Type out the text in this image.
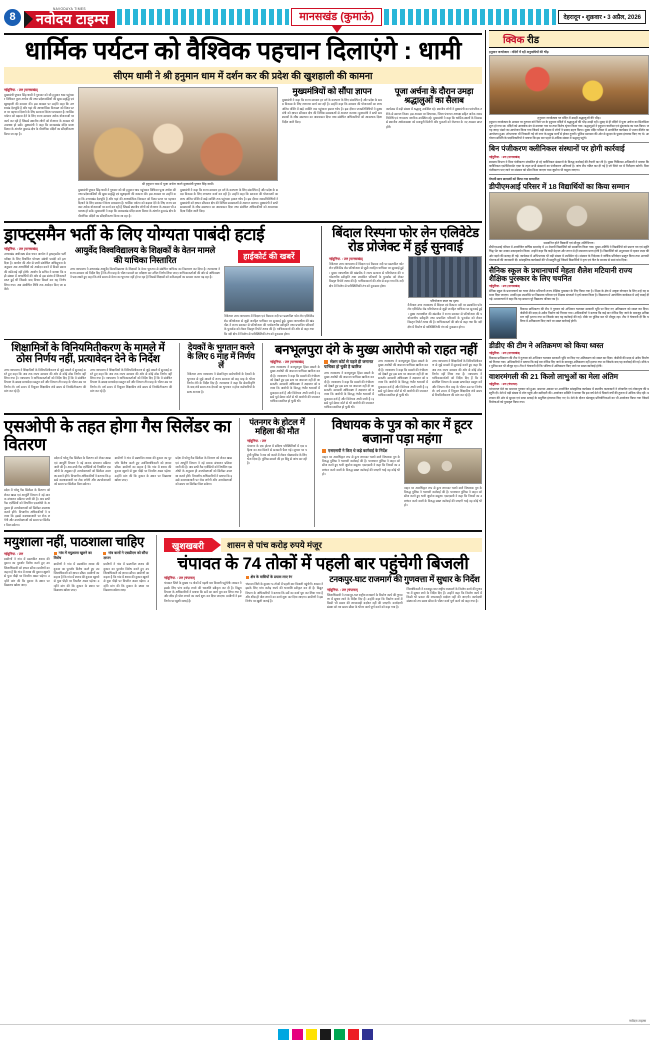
8
NAVODAYA TIMES
नवोदय टाइम्स	मानसखंड (कुमाऊं)	देहरादून • शुक्रवार • 3 अप्रैल, 2026
धार्मिक पर्यटन को वैश्विक पहचान दिलाएंगे : धामी
सीएम धामी ने श्री हनुमान धाम में दर्शन कर की प्रदेश की खुशहाली की कामना
नईदुनिया. : उत्त (मानसखंड)
मुख्यमंत्री पुष्कर सिंह धामी ने गुरुवार को श्री हनुमान धाम पहुंचकर विधिवत पूजा अर्चना की तथा प्रदेशवासियों की सुख समृद्धि एवं खुशहाली की कामना की। इस अवसर पर उन्होंने कहा कि उत्तराखंड देवभूमि है और यहां की आध्यात्मिक विरासत को विश्व पटल पर पहचान दिलाने के लिए सरकार निरंतर प्रयासरत है। धार्मिक पर्यटन को बढ़ावा देने के लिए राज्य सरकार अनेक योजनाओं पर कार्य कर रही है जिससे स्थानीय लोगों को रोजगार के अवसर भी उपलब्ध हो सकें। मुख्यमंत्री ने कहा कि मानसखंड मंदिर माला मिशन के अंतर्गत कुमाऊं क्षेत्र के पौराणिक मंदिरों का सौंदर्यीकरण किया जा रहा है।
श्री हनुमान धाम में पूजा अर्चना करते मुख्यमंत्री पुष्कर सिंह धामी।
मुख्यमंत्री पुष्कर सिंह धामी ने गुरुवार को श्री हनुमान धाम पहुंचकर विधिवत पूजा अर्चना की तथा प्रदेशवासियों की सुख समृद्धि एवं खुशहाली की कामना की। इस अवसर पर उन्होंने कहा कि उत्तराखंड देवभूमि है और यहां की आध्यात्मिक विरासत को विश्व पटल पर पहचान दिलाने के लिए सरकार निरंतर प्रयासरत है। धार्मिक पर्यटन को बढ़ावा देने के लिए राज्य सरकार अनेक योजनाओं पर कार्य कर रही है जिससे स्थानीय लोगों को रोजगार के अवसर भी उपलब्ध हो सकें। मुख्यमंत्री ने कहा कि मानसखंड मंदिर माला मिशन के अंतर्गत कुमाऊं क्षेत्र के पौराणिक मंदिरों का सौंदर्यीकरण किया जा रहा है।
मुख्यमंत्री ने कहा कि राज्य सरकार हर वर्ग के कल्याण के लिए संकल्पित है और प्रदेश के समग्र विकास के लिए लगातार कार्य कर रही है। उन्होंने कहा कि सरकार की योजनाओं का लाभ अंतिम पंक्ति में खड़े व्यक्ति तक पहुंचाना हमारा ध्येय है। इस दौरान जनप्रतिनिधियों ने मुख्यमंत्री को ज्ञापन सौंपकर क्षेत्र की विभिन्न समस्याओं से अवगत कराया। मुख्यमंत्री ने सभी समस्याओं के शीघ्र समाधान का आश्वासन दिया तथा संबंधित अधिकारियों को आवश्यक दिशा निर्देश जारी किए।
मुख्यमंत्रियों को सौंपा ज्ञापन
मुख्यमंत्री ने कहा कि राज्य सरकार हर वर्ग के कल्याण के लिए संकल्पित है और प्रदेश के समग्र विकास के लिए लगातार कार्य कर रही है। उन्होंने कहा कि सरकार की योजनाओं का लाभ अंतिम पंक्ति में खड़े व्यक्ति तक पहुंचाना हमारा ध्येय है। इस दौरान जनप्रतिनिधियों ने मुख्यमंत्री को ज्ञापन सौंपकर क्षेत्र की विभिन्न समस्याओं से अवगत कराया। मुख्यमंत्री ने सभी समस्याओं के शीघ्र समाधान का आश्वासन दिया तथा संबंधित अधिकारियों को आवश्यक दिशा निर्देश जारी किए।
पूजा अर्चना के दौरान उमड़ा श्रद्धालुओं का सैलाब
कार्यक्रम में बड़ी संख्या में श्रद्धालु उपस्थित रहे। स्थानीय लोगों ने मुख्यमंत्री का पारंपरिक तरीके से स्वागत किया। इस अवसर पर विधायक, जिला पंचायत अध्यक्ष सहित अनेक जनप्रतिनिधि एवं गणमान्य नागरिक उपस्थित रहे। मुख्यमंत्री ने कहा कि धार्मिक स्थलों के विकास से स्थानीय अर्थव्यवस्था को मजबूती मिलेगी और युवाओं को रोजगार के नए अवसर प्राप्त होंगे।
ड्राफ्ट्समैन भर्ती के लिए योग्यता पाबंदी हटाई
नईदुनिया. : उत्त (मानसखंड)
उत्तराखंड अधीनस्थ सेवा चयन आयोग ने ड्राफ्ट्समैन भर्ती परीक्षा के लिए निर्धारित योग्यता संबंधी पाबंदी को हटा दिया है। आयोग की ओर से जारी संशोधित अधिसूचना के अनुसार अब अभ्यर्थियों को आवेदन करने में किसी प्रकार की कठिनाई नहीं होगी। आयोग के सचिव ने बताया कि बड़ी संख्या में अभ्यर्थियों की ओर से इस संबंध में शिकायतें प्राप्त हुई थीं जिसके बाद विचार विमर्श कर यह निर्णय लिया गया। अब संशोधित तिथि तक आवेदन किए जा सकेंगे।
आयुर्वेद विश्वविद्यालय के शिक्षकों के वेतन मामले की याचिका निस्तारित
उच्च न्यायालय ने उत्तराखंड आयुर्वेद विश्वविद्यालय के शिक्षकों के वेतन भुगतान से संबंधित याचिका का निस्तारण कर दिया है। न्यायालय ने राज्य सरकार को निर्देश दिए हैं कि तीन माह के भीतर मामले का परीक्षण कर उचित निर्णय लिया जाए। याचिकाकर्ताओं की ओर से अधिवक्ता ने पक्ष रखते हुए कहा कि लंबे समय से वेतन का भुगतान नहीं हो पा रहा है जिससे शिक्षकों को कठिनाइयों का सामना करना पड़ रहा है।
हाईकोर्ट की खबरें
नैनीताल उच्च न्यायालय में बिंदाल एवं रिस्पना नदी पर प्रस्तावित फोर लेन एलिवेटेड रोड परियोजना से जुड़ी जनहित याचिका पर सुनवाई हुई। मुख्य न्यायाधीश की खंडपीठ ने राज्य सरकार से परियोजना की पर्यावरणीय स्वीकृति तथा प्रभावित परिवारों के पुनर्वास को लेकर विस्तृत रिपोर्ट तलब की है। याचिकाकर्ता की ओर से कहा गया कि नदी क्षेत्र में निर्माण से पारिस्थितिकी तंत्र को नुकसान होगा।
बिंदाल रिस्पना फोर लेन एलिवेटेड रोड प्रोजेक्ट में हुई सुनवाई
नईदुनिया. : उत्त (मानसखंड)
नैनीताल उच्च न्यायालय में बिंदाल एवं रिस्पना नदी पर प्रस्तावित फोर लेन एलिवेटेड रोड परियोजना से जुड़ी जनहित याचिका पर सुनवाई हुई। मुख्य न्यायाधीश की खंडपीठ ने राज्य सरकार से परियोजना की पर्यावरणीय स्वीकृति तथा प्रभावित परिवारों के पुनर्वास को लेकर विस्तृत रिपोर्ट तलब की है। याचिकाकर्ता की ओर से कहा गया कि नदी क्षेत्र में निर्माण से पारिस्थितिकी तंत्र को नुकसान होगा।
परियोजना स्थल का दृश्य।
नैनीताल उच्च न्यायालय में बिंदाल एवं रिस्पना नदी पर प्रस्तावित फोर लेन एलिवेटेड रोड परियोजना से जुड़ी जनहित याचिका पर सुनवाई हुई। मुख्य न्यायाधीश की खंडपीठ ने राज्य सरकार से परियोजना की पर्यावरणीय स्वीकृति तथा प्रभावित परिवारों के पुनर्वास को लेकर विस्तृत रिपोर्ट तलब की है। याचिकाकर्ता की ओर से कहा गया कि नदी क्षेत्र में निर्माण से पारिस्थितिकी तंत्र को नुकसान होगा।
शिक्षामित्रों के विनियमितीकरण के मामले में ठोस निर्णय नहीं, प्रत्यावेदन देने के निर्देश
उच्च न्यायालय ने शिक्षामित्रों के विनियमितीकरण से जुड़े मामले में सुनवाई करते हुए कहा कि अब तक राज्य सरकार की ओर से कोई ठोस निर्णय नहीं लिया गया है। न्यायालय ने याचिकाकर्ताओं को निर्देश दिए हैं कि वे संबंधित विभाग के समक्ष प्रत्यावेदन प्रस्तुत करें और विभाग तीन माह के भीतर उस पर निर्णय ले। वर्ष 2005 में नियुक्त शिक्षामित्र लंबे समय से नियमितीकरण की मांग कर रहे हैं।
उच्च न्यायालय ने शिक्षामित्रों के विनियमितीकरण से जुड़े मामले में सुनवाई करते हुए कहा कि अब तक राज्य सरकार की ओर से कोई ठोस निर्णय नहीं लिया गया है। न्यायालय ने याचिकाकर्ताओं को निर्देश दिए हैं कि वे संबंधित विभाग के समक्ष प्रत्यावेदन प्रस्तुत करें और विभाग तीन माह के भीतर उस पर निर्णय ले। वर्ष 2005 में नियुक्त शिक्षामित्र लंबे समय से नियमितीकरण की मांग कर रहे हैं।
देयकों के भुगतान करने के लिए 6 माह में निर्णय लें
नैनीताल उच्च न्यायालय ने सेवानिवृत्त कर्मचारियों के देयकों के भुगतान से जुड़े मामले में राज्य सरकार को छह माह के भीतर निर्णय लेने के निर्देश दिए हैं। न्यायालय ने कहा कि सेवानिवृत्ति के बाद लंबे समय तक देयकों का भुगतान न होना कर्मचारियों के साथ अन्याय है।
बनभूलपुरा दंगे के मुख्य आरोपी को राहत नहीं
नईदुनिया. : उत्त (मानसखंड)
उच्च न्यायालय ने बनभूलपुरा हिंसा मामले के मुख्य आरोपी की जमानत याचिका खारिज कर दी है। न्यायालय ने कहा कि मामले की गंभीरता को देखते हुए इस स्तर पर जमानत नहीं दी जा सकती। सरकारी अधिवक्ता ने अदालत को बताया कि आरोपी के विरुद्ध गंभीर धाराओं में मुकदमा दर्ज है और विवेचना अभी जारी है। इससे पूर्व सेशन कोर्ट से भी आरोपी की जमानत याचिका खारिज हो चुकी थी।
सेशन कोर्ट से पहले ही जमानत याचिका हो चुकी है खारिज
उच्च न्यायालय ने बनभूलपुरा हिंसा मामले के मुख्य आरोपी की जमानत याचिका खारिज कर दी है। न्यायालय ने कहा कि मामले की गंभीरता को देखते हुए इस स्तर पर जमानत नहीं दी जा सकती। सरकारी अधिवक्ता ने अदालत को बताया कि आरोपी के विरुद्ध गंभीर धाराओं में मुकदमा दर्ज है और विवेचना अभी जारी है। इससे पूर्व सेशन कोर्ट से भी आरोपी की जमानत याचिका खारिज हो चुकी थी।
उच्च न्यायालय ने बनभूलपुरा हिंसा मामले के मुख्य आरोपी की जमानत याचिका खारिज कर दी है। न्यायालय ने कहा कि मामले की गंभीरता को देखते हुए इस स्तर पर जमानत नहीं दी जा सकती। सरकारी अधिवक्ता ने अदालत को बताया कि आरोपी के विरुद्ध गंभीर धाराओं में मुकदमा दर्ज है और विवेचना अभी जारी है। इससे पूर्व सेशन कोर्ट से भी आरोपी की जमानत याचिका खारिज हो चुकी थी।
उच्च न्यायालय ने शिक्षामित्रों के विनियमितीकरण से जुड़े मामले में सुनवाई करते हुए कहा कि अब तक राज्य सरकार की ओर से कोई ठोस निर्णय नहीं लिया गया है। न्यायालय ने याचिकाकर्ताओं को निर्देश दिए हैं कि वे संबंधित विभाग के समक्ष प्रत्यावेदन प्रस्तुत करें और विभाग तीन माह के भीतर उस पर निर्णय ले। वर्ष 2005 में नियुक्त शिक्षामित्र लंबे समय से नियमितीकरण की मांग कर रहे हैं।
एसओपी के तहत होगा गैस सिलेंडर का वितरण
प्रदेश में घरेलू गैस सिलेंडर के वितरण को लेकर खाद्य एवं आपूर्ति विभाग ने नई मानक संचालन प्रक्रिया जारी की है। अब सभी गैस एजेंसियों को निर्धारित एसओपी के अनुसार ही उपभोक्ताओं को सिलेंडर उपलब्ध कराने होंगे। विभागीय अधिकारियों ने बताया कि इससे कालाबाजारी पर रोक लगेगी और उपभोक्ताओं को समय पर सिलेंडर मिल सकेगा।
प्रदेश में घरेलू गैस सिलेंडर के वितरण को लेकर खाद्य एवं आपूर्ति विभाग ने नई मानक संचालन प्रक्रिया जारी की है। अब सभी गैस एजेंसियों को निर्धारित एसओपी के अनुसार ही उपभोक्ताओं को सिलेंडर उपलब्ध कराने होंगे। विभागीय अधिकारियों ने बताया कि इससे कालाबाजारी पर रोक लगेगी और उपभोक्ताओं को समय पर सिलेंडर मिल सकेगा।
ग्रामीणों ने गांव में प्रस्तावित शराब की दुकान का पुरजोर विरोध करते हुए उपजिलाधिकारी को ज्ञापन सौंपा। ग्रामीणों का कहना है कि गांव में शराब की दुकान खुलने से युवा पीढ़ी पर विपरीत असर पड़ेगा। उन्होंने मांग की कि दुकान के स्थान पर विद्यालय खोला जाए।
प्रदेश में घरेलू गैस सिलेंडर के वितरण को लेकर खाद्य एवं आपूर्ति विभाग ने नई मानक संचालन प्रक्रिया जारी की है। अब सभी गैस एजेंसियों को निर्धारित एसओपी के अनुसार ही उपभोक्ताओं को सिलेंडर उपलब्ध कराने होंगे। विभागीय अधिकारियों ने बताया कि इससे कालाबाजारी पर रोक लगेगी और उपभोक्ताओं को समय पर सिलेंडर मिल सकेगा।
पंतनगर के होटल में महिला की मौत
नईदुनिया. : उत्त
पंतनगर के एक होटल में संदिग्ध परिस्थितियों में एक महिला का शव मिलने से सनसनी फैल गई। सूचना पर पहुंची पुलिस ने शव को कब्जे में लेकर पोस्टमार्टम के लिए भेज दिया है। पुलिस मामले की हर बिंदु से जांच कर रही है।
विधायक के पुत्र को कार में हूटर बजाना पड़ा महंगा
एसएसपी ने किए थे कड़े कार्रवाई के निर्देश
वाहन पर अनाधिकृत रूप से हूटर लगाकर चलने वाले विधायक पुत्र के विरुद्ध पुलिस ने चालानी कार्रवाई की है। यातायात पुलिस ने वाहन को सीज करते हुए भारी जुर्माना वसूला। एसएसपी ने कहा कि नियमों का उल्लंघन करने वालों के विरुद्ध सख्त कार्रवाई की जाएगी चाहे वह कोई भी हो।
वाहन पर अनाधिकृत रूप से हूटर लगाकर चलने वाले विधायक पुत्र के विरुद्ध पुलिस ने चालानी कार्रवाई की है। यातायात पुलिस ने वाहन को सीज करते हुए भारी जुर्माना वसूला। एसएसपी ने कहा कि नियमों का उल्लंघन करने वालों के विरुद्ध सख्त कार्रवाई की जाएगी चाहे वह कोई भी हो।
मयुशाला नहीं, पाठशाला चाहिए
नईदुनिया. : उत्त
ग्रामीणों ने गांव में प्रस्तावित शराब की दुकान का पुरजोर विरोध करते हुए उपजिलाधिकारी को ज्ञापन सौंपा। ग्रामीणों का कहना है कि गांव में शराब की दुकान खुलने से युवा पीढ़ी पर विपरीत असर पड़ेगा। उन्होंने मांग की कि दुकान के स्थान पर विद्यालय खोला जाए।
गांव में मयुशाला खुलने का विरोध
ग्रामीणों ने गांव में प्रस्तावित शराब की दुकान का पुरजोर विरोध करते हुए उपजिलाधिकारी को ज्ञापन सौंपा। ग्रामीणों का कहना है कि गांव में शराब की दुकान खुलने से युवा पीढ़ी पर विपरीत असर पड़ेगा। उन्होंने मांग की कि दुकान के स्थान पर विद्यालय खोला जाए।
गांव वालों ने एसडीएम को सौंपा ज्ञापन
ग्रामीणों ने गांव में प्रस्तावित शराब की दुकान का पुरजोर विरोध करते हुए उपजिलाधिकारी को ज्ञापन सौंपा। ग्रामीणों का कहना है कि गांव में शराब की दुकान खुलने से युवा पीढ़ी पर विपरीत असर पड़ेगा। उन्होंने मांग की कि दुकान के स्थान पर विद्यालय खोला जाए।
खुशखबरी	शासन से पांच करोड़ रुपये मंजूर
चंपावत के 74 तोकों में पहली बार पहुंचेगी बिजली
नईदुनिया. : उत्त (चंपावत)
चंपावत जिले के दूरस्थ 74 तोकों में पहली बार बिजली पहुंचेगी। शासन ने इसके लिए पांच करोड़ रुपये की धनराशि स्वीकृत कर दी है। विद्युत विभाग के अधिकारियों ने बताया कि सर्वे का कार्य पूरा कर लिया गया है और शीघ्र ही पोल लगाने का कार्य शुरू कर दिया जाएगा। ग्रामीणों ने इस निर्णय पर खुशी जताई है।
क्षेत्र के वासियों के प्रयास लाए रंग
चंपावत जिले के दूरस्थ 74 तोकों में पहली बार बिजली पहुंचेगी। शासन ने इसके लिए पांच करोड़ रुपये की धनराशि स्वीकृत कर दी है। विद्युत विभाग के अधिकारियों ने बताया कि सर्वे का कार्य पूरा कर लिया गया है और शीघ्र ही पोल लगाने का कार्य शुरू कर दिया जाएगा। ग्रामीणों ने इस निर्णय पर खुशी जताई है।
टनकपुर-घाट राजमार्ग की गुणवत्ता में सुधार के निर्देश
नईदुनिया. : उत्त (चंपावत)
जिलाधिकारी ने टनकपुर-घाट राष्ट्रीय राजमार्ग के निर्माण कार्य की गुणवत्ता में सुधार लाने के निर्देश दिए हैं। उन्होंने कहा कि निर्माण कार्य में किसी भी प्रकार की लापरवाही बर्दाश्त नहीं की जाएगी। कार्यदायी संस्था को तय समय सीमा के भीतर कार्य पूर्ण करने को कहा गया है।
जिलाधिकारी ने टनकपुर-घाट राष्ट्रीय राजमार्ग के निर्माण कार्य की गुणवत्ता में सुधार लाने के निर्देश दिए हैं। उन्होंने कहा कि निर्माण कार्य में किसी भी प्रकार की लापरवाही बर्दाश्त नहीं की जाएगी। कार्यदायी संस्था को तय समय सीमा के भीतर कार्य पूर्ण करने को कहा गया है।
क्विक रीड
हनुमान जन्मोत्सव : मंदिरों में रही अनुयायियों की भीड़
हनुमान जन्मोत्सव पर मंदिर में उमड़ी श्रद्धालुओं की भीड़।
हनुमान जन्मोत्सव के अवसर पर गुरुवार को जिले भर के हनुमान मंदिरों में श्रद्धालुओं की भीड़ उमड़ी रही। सुबह से ही मंदिरों में पूजा अर्चना का सिलसिला शुरू हो गया था। मंदिरों को आकर्षक ढंग से सजाया गया था तथा विशेष श्रृंगार किया गया। श्रद्धालुओं ने हनुमान चालीसा एवं सुंदरकांड का पाठ किया। जगह जगह भंडारे का आयोजन किया गया जिसमें बड़ी संख्या में लोगों ने प्रसाद ग्रहण किया। मुख्य मंदिर परिसर में आयोजित कार्यक्रम में भजन कीर्तन का आयोजन हुआ। शोभायात्रा भी निकाली गई जो नगर के प्रमुख मार्गों से होकर गुजरी। पुलिस प्रशासन की ओर से सुरक्षा के पुख्ता इंतजाम किए गए थे। आयोजन समिति के पदाधिकारियों ने बताया कि इस बार पहले से अधिक संख्या में श्रद्धालु पहुंचे।
बिन पंजीकरण क्लीनिकल संस्थानों पर होगी कार्रवाई
नईदुनिया. : उत्त (मानसखंड)
स्वास्थ्य विभाग ने बिना पंजीकरण संचालित हो रहे क्लीनिकल संस्थानों के विरुद्ध कार्रवाई की तैयारी कर ली है। मुख्य चिकित्सा अधिकारी ने बताया कि क्लीनिकल एस्टेब्लिशमेंट एक्ट के तहत सभी संस्थानों का पंजीकरण अनिवार्य है। जांच टीम गठित कर दी गई है जो जिले भर में निरीक्षण करेगी। बिना पंजीकरण पाए जाने पर संस्थान को सील किया जाएगा तथा जुर्माना भी वसूला जाएगा।
मेधावी छात्र छात्राओं को किया गया सम्मानित
डीपीएमआई परिसर में 18 विद्यार्थियों का किया सम्मान
सम्मानित होते विद्यार्थी एवं मौजूद अतिथिगण।
डीपीएमआई परिसर में आयोजित वार्षिक समारोह में 18 मेधावी विद्यार्थियों को सम्मानित किया गया। मुख्य अतिथि ने विद्यार्थियों को प्रमाण पत्र एवं स्मृति चिह्न भेंट कर उनका उत्साहवर्धन किया। उन्होंने कहा कि कड़ी मेहनत और लगन से ही सफलता प्राप्त होती है। विद्यार्थियों को अनुशासन में रहकर लक्ष्य की ओर बढ़ने की सलाह दी गई। कार्यक्रम में अभिभावक भी बड़ी संख्या में उपस्थित रहे। संस्थान के निदेशक ने वार्षिक प्रतिवेदन प्रस्तुत किया तथा आगामी योजनाओं की जानकारी दी। सांस्कृतिक कार्यक्रमों की भी प्रस्तुति हुई जिसमें विद्यार्थियों ने नृत्य एवं गीत के माध्यम से समां बांध दिया।
सैनिक स्कूल के प्रधानाचार्य मेहता शैलेश मटियानी राज्य शैक्षिक पुरस्कार के लिए चयनित
नईदुनिया. : उत्त (मानसखंड)
सैनिक स्कूल के प्रधानाचार्य का चयन शैलेश मटियानी राज्य शैक्षिक पुरस्कार के लिए किया गया है। शिक्षा के क्षेत्र में उत्कृष्ट योगदान के लिए उन्हें यह सम्मान दिया जाएगा। उनकी इस उपलब्धि पर विद्यालय परिवार एवं शिक्षक संगठनों ने हर्ष व्यक्त किया है। विद्यालय में आयोजित कार्यक्रम में उन्हें बधाई दी गई। प्रधानाचार्य ने कहा कि यह सम्मान पूरे विद्यालय परिवार का है।
विकास प्राधिकरण की टीम ने गुरुवार को अभियान चलाकर सरकारी भूमि पर किए गए अतिक्रमण को ध्वस्त कर दिया। जेसीबी की मदद से अवैध निर्माण को गिराया गया। अधिकारियों ने बताया कि कई बार नोटिस दिए जाने के बावजूद अतिक्रमण नहीं हटाया गया था जिसके बाद यह कार्रवाई की गई। मौके पर पुलिस बल भी मौजूद रहा। टीम ने चेतावनी दी कि भविष्य में अतिक्रमण किए जाने पर सख्त कार्रवाई होगी।
डीडीए की टीम ने अतिक्रमण को किया ध्वस्त
नईदुनिया. : उत्त (मानसखंड)
विकास प्राधिकरण की टीम ने गुरुवार को अभियान चलाकर सरकारी भूमि पर किए गए अतिक्रमण को ध्वस्त कर दिया। जेसीबी की मदद से अवैध निर्माण को गिराया गया। अधिकारियों ने बताया कि कई बार नोटिस दिए जाने के बावजूद अतिक्रमण नहीं हटाया गया था जिसके बाद यह कार्रवाई की गई। मौके पर पुलिस बल भी मौजूद रहा। टीम ने चेतावनी दी कि भविष्य में अतिक्रमण किए जाने पर सख्त कार्रवाई होगी।
वाशरमंगली की 21 किलो लाभुओं का मेला अंतिम
नईदुनिया. : उत्त (चंपावत)
परंपरागत मेले का समापन गुरुवार को हुआ। समापन अवसर पर आयोजित सांस्कृतिक कार्यक्रम में स्थानीय कलाकारों ने लोकगीत एवं लोकनृत्य की प्रस्तुति दी। मेले में बड़ी संख्या में लोग पहुंचे और खरीदारी की। आयोजन समिति ने बताया कि इस वर्ष मेले में पिछले वर्षों की तुलना में अधिक भीड़ रही। प्रशासन की ओर से सुरक्षा एवं साफ सफाई के समुचित इंतजाम किए गए थे। मेले के दौरान खेलकूद प्रतियोगिताओं का भी आयोजन किया गया जिसमें विजेताओं को पुरस्कृत किया गया।
नवोदय टाइम्स
